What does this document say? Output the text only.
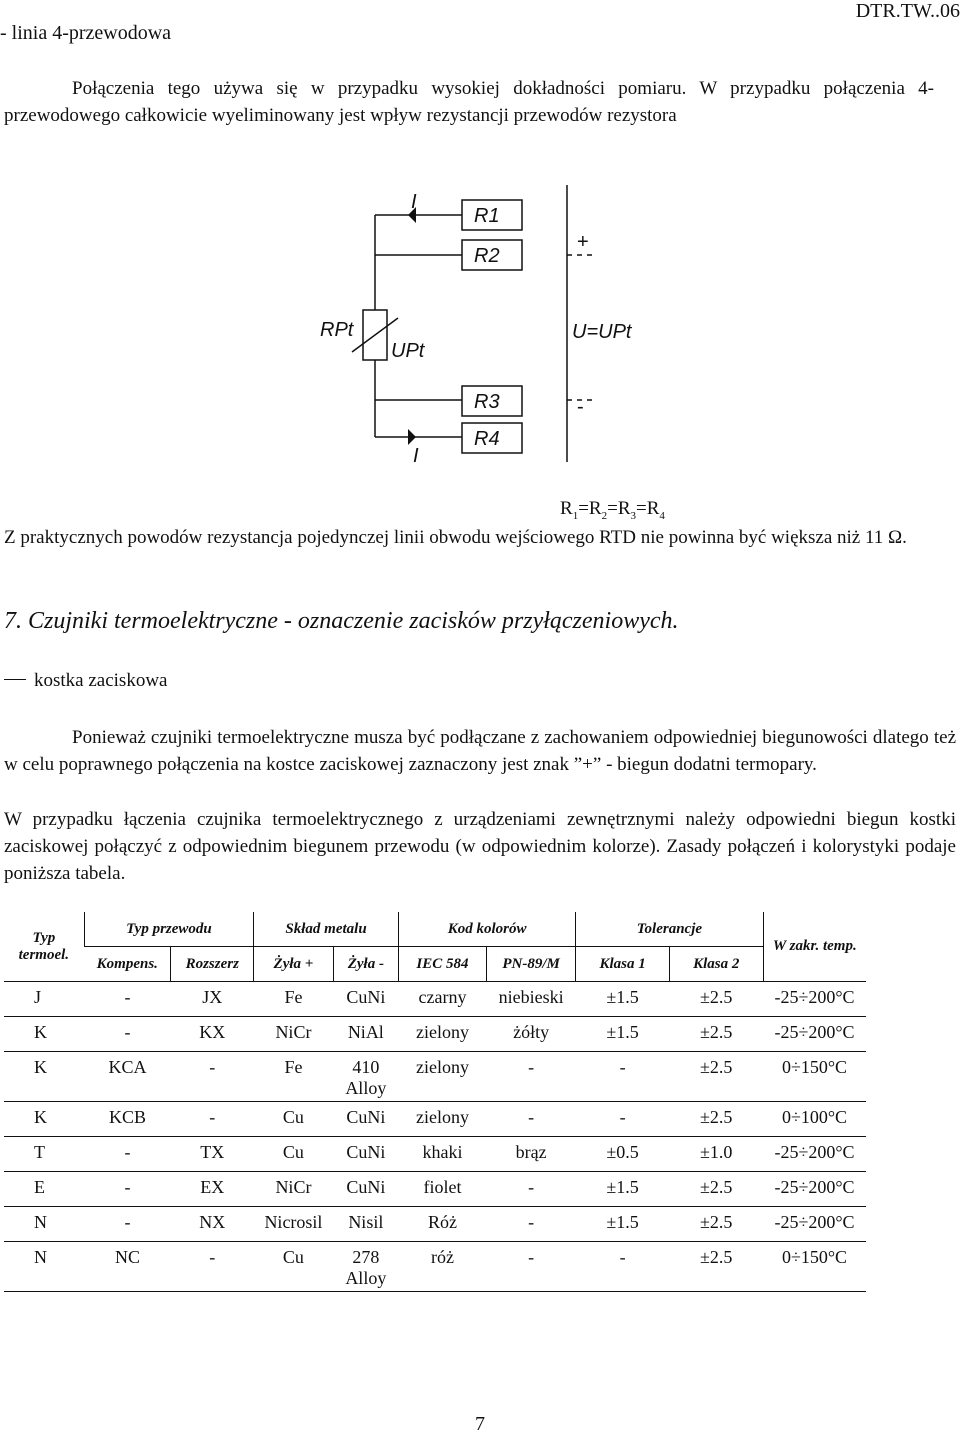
- linia 4-przewodowa
DTR.TW..06
Połączenia tego używa się w przypadku wysokiej dokładności pomiaru. W przypadku połączenia 4-przewodowego całkowicie wyeliminowany jest wpływ rezystancji przewodów rezystora
I
I
R1
R2
R3
R4
+
-
RPt
UPt
U=UPt
$R_1=R_2=R_3=R_4$
Z praktycznych powodów rezystancja pojedynczej linii obwodu wejściowego RTD nie powinna być większa niż 11 Ω.
7. Czujniki termoelektryczne - oznaczenie zacisków przyłączeniowych.
kostka zaciskowa
Ponieważ czujniki termoelektryczne musza być podłączane z zachowaniem odpowiedniej biegunowości dlatego też w celu poprawnego połączenia na kostce zaciskowej zaznaczony jest znak ”+” - biegun dodatni termopary.
W przypadku łączenia czujnika termoelektrycznego z urządzeniami zewnętrznymi należy odpowiedni biegun kostki zaciskowej połączyć z odpowiednim biegunem przewodu (w odpowiednim kolorze). Zasady połączeń i kolorystyki podaje poniższa tabela.
Typ termoel.	Typ przewodu		Skład metalu		Kod kolorów		Tolerancje		W zakr. temp.
	Kompens.	Rozszerz	Żyła +	Żyła -	IEC 584	PN-89/M	Klasa 1	Klasa 2	
J	-	JX	Fe	CuNi	czarny	niebieski	±1.5	±2.5	-25÷200°C
K	-	KX	NiCr	NiAl	zielony	żółty	±1.5	±2.5	-25÷200°C
K	KCA	-	Fe	410 Alloy	zielony	-	-	±2.5	0÷150°C
K	KCB	-	Cu	CuNi	zielony	-	-	±2.5	0÷100°C
T	-	TX	Cu	CuNi	khaki	brąz	±0.5	±1.0	-25÷200°C
E	-	EX	NiCr	CuNi	fiolet	-	±1.5	±2.5	-25÷200°C
N	-	NX	Nicrosil	Nisil	Róż	-	±1.5	±2.5	-25÷200°C
N	NC	-	Cu	278 Alloy	róż	-	-	±2.5	0÷150°C
7
